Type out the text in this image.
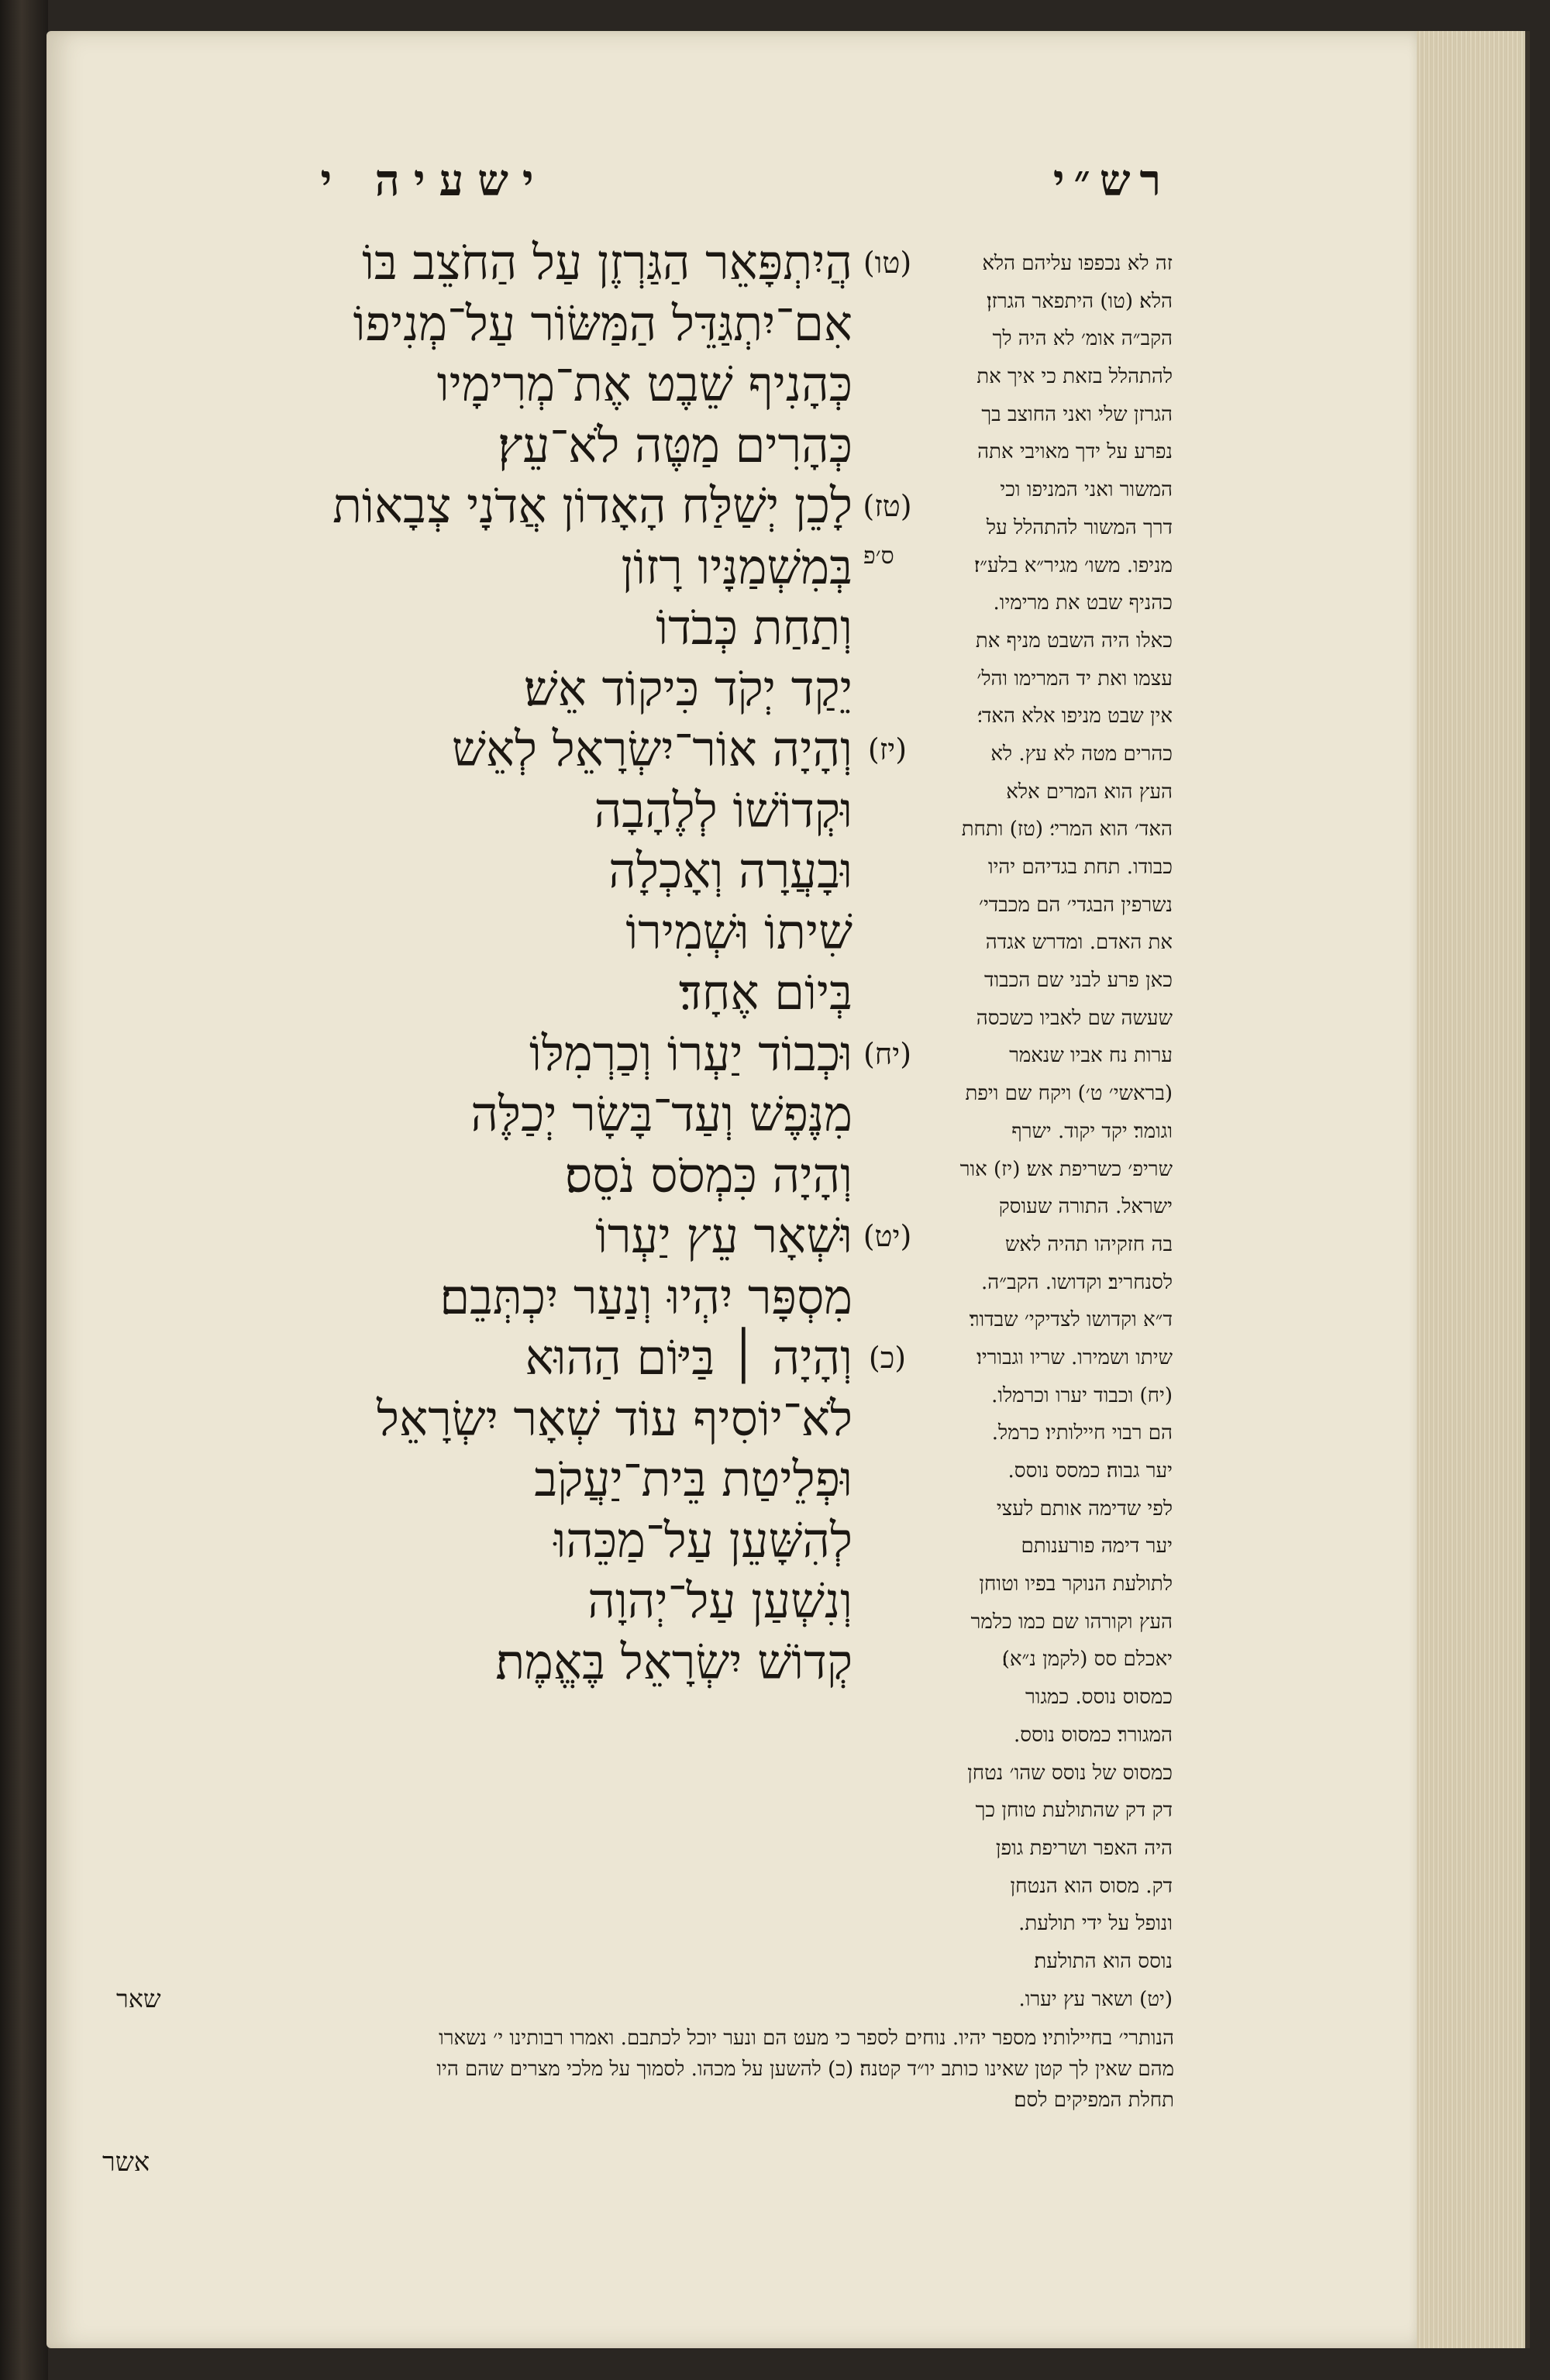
רש״י
ישעיה י
ס׳פ
הֲיִתְפָּאֵר הַגַּרְזֶן עַל הַחֹצֵב בּוֹ (טו)
אִם־יִתְגַּדֵּל הַמַּשּׂוֹר עַל־מְנִיפוֹ
כְּהָנִיף שֵׁבֶט אֶת־מְרִימָיו
כְּהָרִים מַטֶּה לֹא־עֵץ׃
לָכֵן יְשַׁלַּח הָאָדוֹן אֲדֹנָי צְבָאוֹת (טז)
בְּמִשְׁמַנָּיו רָזוֹן
וְתַחַת כְּבֹדוֹ
יֵקַד יְקֹד כִּיקוֹד אֵשׁ׃
וְהָיָה אוֹר־יִשְׂרָאֵל לְאֵשׁ (יז)
וּקְדוֹשׁוֹ לְלֶהָבָה
וּבָעֲרָה וְאָכְלָה
שִׁיתוֹ וּשְׁמִירוֹ
בְּיוֹם אֶחָד׃
וּכְבוֹד יַעְרוֹ וְכַרְמִלּוֹ (יח)
מִנֶּפֶשׁ וְעַד־בָּשָׂר יְכַלֶּה
וְהָיָה כִּמְסֹס נֹסֵס׃
וּשְׁאָר עֵץ יַעְרוֹ (יט)
מִסְפָּר יִהְיוּ וְנַעַר יִכְתְּבֵם׃
וְהָיָה ׀ בַּיּוֹם הַהוּא (כ)
לֹא־יוֹסִיף עוֹד שְׁאָר יִשְׂרָאֵל
וּפְלֵיטַת בֵּית־יַעֲקֹב
לְהִשָּׁעֵן עַל־מַכֵּהוּ
וְנִשְׁעַן עַל־יְהוָה
קְדוֹשׁ יִשְׂרָאֵל בֶּאֱמֶת׃
זה לא נכפפו עליהם הלא
הלא׃ (טו) היתפאר הגרזן׃
הקב״ה אומ׳ לא היה לך
להתהלל בזאת כי איך את
הגרזן שלי ואני החוצב בך
נפרע על ידך מאויבי אתה
המשור ואני המניפו וכי
דרך המשור להתהלל על
מניפו. משו׳ מגיר״א בלע״ז׃
כהניף שבט את מרימיו.
כאלו היה השבט מניף את
עצמו ואת יד המרימו והל׳
אין שבט מניפו אלא האד׳׃
כהרים מטה לא עץ. לא
העץ הוא המרים אלא
האד׳ הוא המרי׳׃ (טז) ותחת
כבודו. תחת בגדיהם יהיו
נשרפין הבגדי׳ הם מכבדי׳
את האדם. ומדרש אגדה
כאן פרע לבני שם הכבוד
שעשה שם לאביו כשכסה
ערות נח אביו שנאמר
(בראשי׳ ט׳) ויקח שם ויפת
וגומר׃ יקד יקוד. ישרף
שריפ׳ כשריפת אש׃ (יז) אור
ישראל. התורה שעוסק
בה חזקיהו תהיה לאש
לסנחריב׃ וקדושו. הקב״ה.
ד״א וקדושו לצדיקי׳ שבדור׃
שיתו ושמירו. שריו וגבוריו׃
(יח) וכבוד יערו וכרמלו.
הם רבוי חיילותיו׃ כרמל.
יער גבוה׃ כמסס נוסס.
לפי שדימה אותם לעצי
יער דימה פורענותם
לתולעת הנוקר בפיו וטוחן
העץ וקורהו שם כמו כלמר
יאכלם סס (לקמן נ״א)׃
כמסוס נוסס. כמגור
המגורר׃ כמסוס נוסס.
כמסוס של נוסס שהו׳ נטחן
דק דק שהתולעת טוחן כך
היה האפר ושריפת גופן
דק. מסוס הוא הנטחן
ונופל על ידי תולעת.
נוסס הוא התולעת׃
(יט) ושאר עץ יערו.
שאר
הנותרי׳ בחיילותיו׃ מספר יהיו. נוחים לספר כי מעט הם ונער יוכל לכתבם. ואמרו רבותינו י׳ נשארו
מהם שאין לך קטן שאינו כותב יו״ד קטנה׃ (כ) להשען על מכהו. לסמוך על מלכי מצרים שהם היו
תחלת המפיקים לסם׃
אשר
